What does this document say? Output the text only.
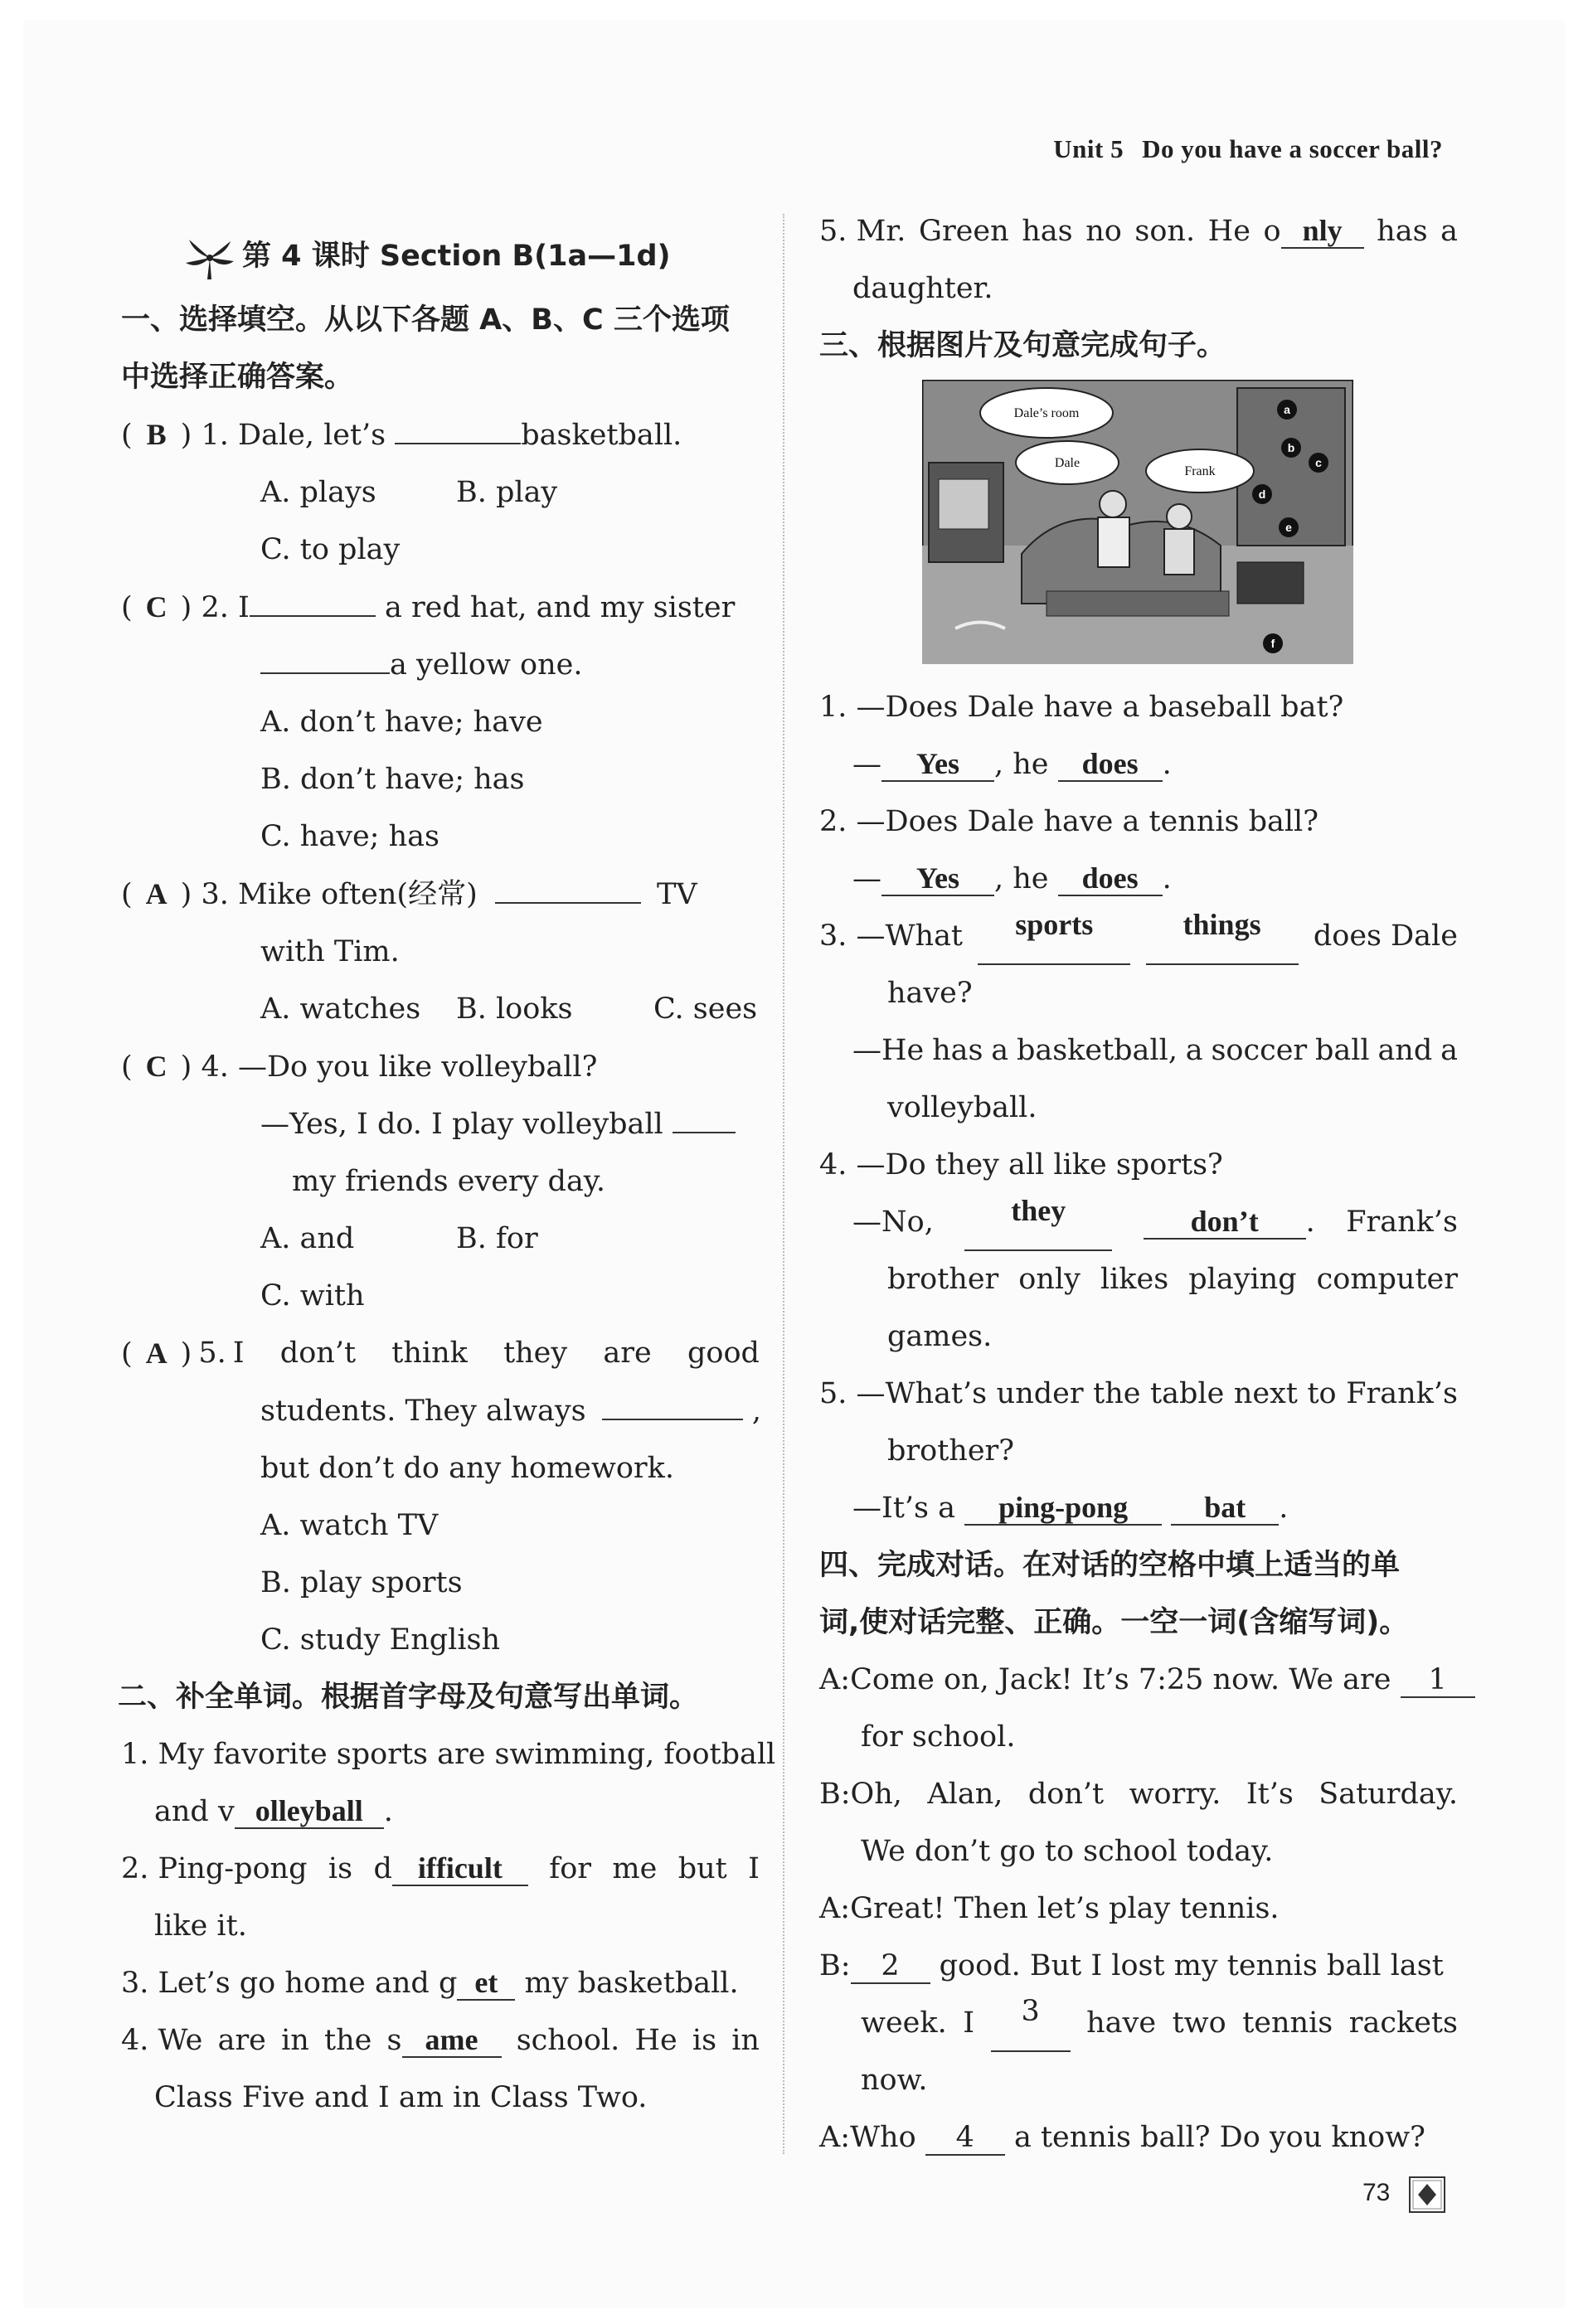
Unit 5 Do you have a soccer ball?
第 4 课时 Section B(1a—1d)
一、选择填空。从以下各题 A、B、C 三个选项
中选择正确答案。
( B ) 1. Dale, let’s	basketball.
A. plays	B. play
C. to play
( C ) 2. I	a red hat, and my sister
a yellow one.
A. don’t have; have
B. don’t have; has
C. have; has
( A ) 3. Mike often(经常)	TV
with Tim.
A. watches	B. looks	C. sees
( C ) 4. —Do you like volleyball?
—Yes, I do. I play volleyball
my friends every day.
A. and	B. for
C. with
( A ) 5. I don’t think they are good
students. They always	,
but don’t do any homework.
A. watch TV
B. play sports
C. study English
二、补全单词。根据首字母及句意写出单词。
1. My favorite sports are swimming, football
and v olleyball .
2. Ping-pong is d ifficult	for me but I
like it.
3. Let’s go home and g et my basketball.
4. We are in the s ame	school. He is in
Class Five and I am in Class Two.
5. Mr. Green has no son. He o nly	has a
daughter.
三、根据图片及句意完成句子。
Dale’s room
Dale
Frank
a
b
c
d
e
f
1. —Does Dale have a baseball bat?
— Yes , he does .
2. —Does Dale have a tennis ball?
— Yes , he does .
3. —What	sports	things	does Dale
have?
—He has a basketball, a soccer ball and a
volleyball.
4. —Do they all like sports?
—No,	they	don’t . Frank’s
brother only likes playing computer
games.
5. —What’s under the table next to Frank’s
brother?
—It’s a ping-pong	bat .
四、完成对话。在对话的空格中填上适当的单
词,使对话完整、正确。一空一词(含缩写词)。
A:Come on, Jack! It’s 7:25 now. We are 1
for school.
B: Oh, Alan, don’t worry. It’s Saturday.
We don’t go to school today.
A:Great! Then let’s play tennis.
B: 2 good. But I lost my tennis ball last
week. I	3	have two tennis rackets
now.
A:Who 4 a tennis ball? Do you know?
73
